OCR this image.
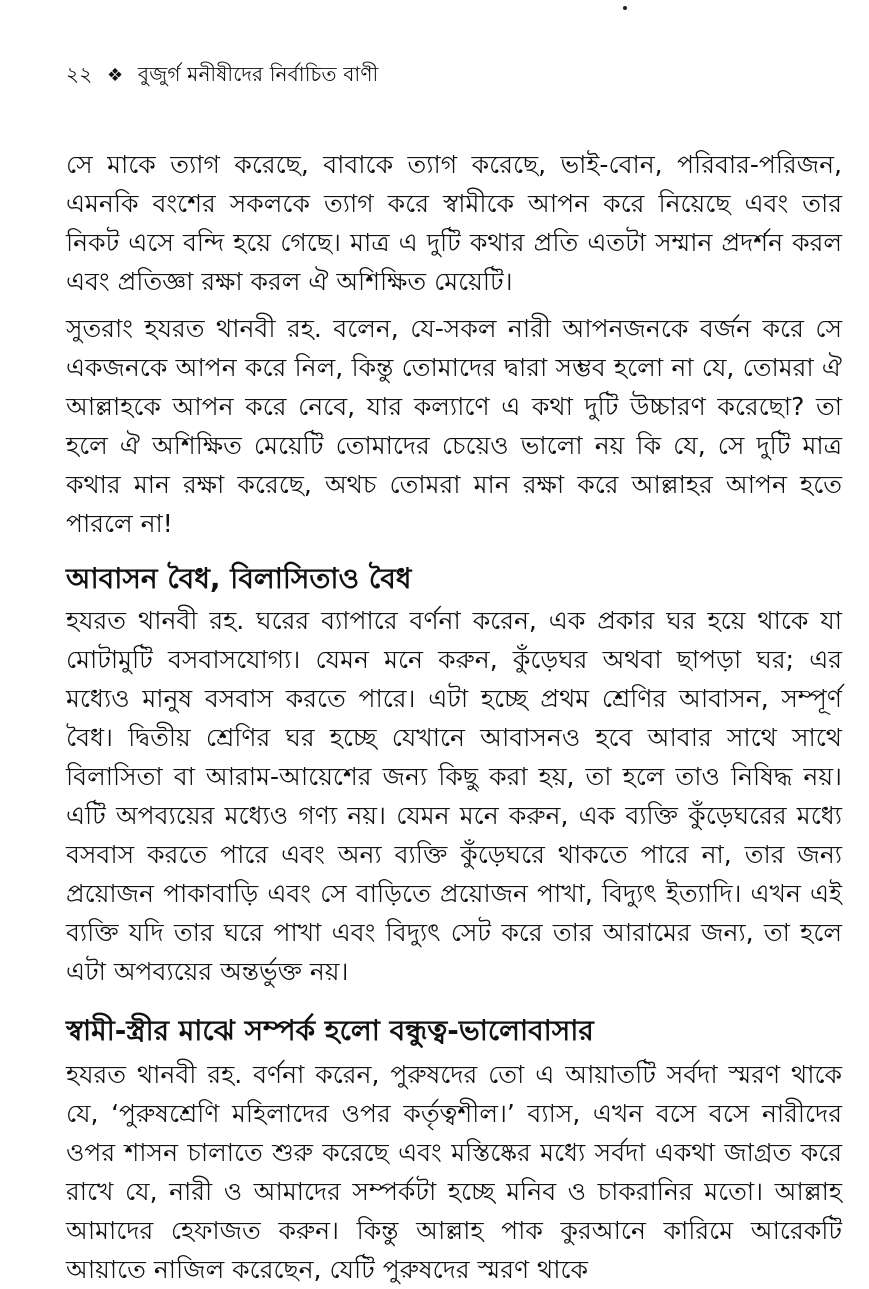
২২ ❖ বুজুর্গ মনীষীদের নির্বাচিত বাণী

সে মাকে ত্যাগ করেছে, বাবাকে ত্যাগ করেছে, ভাই-বোন, পরিবার-পরিজন, এমনকি বংশের সকলকে ত্যাগ করে স্বামীকে আপন করে নিয়েছে এবং তার নিকট এসে বন্দি হয়ে গেছে। মাত্র এ দুটি কথার প্রতি এতটা সম্মান প্রদর্শন করল এবং প্রতিজ্ঞা রক্ষা করল ঐ অশিক্ষিত মেয়েটি।

সুতরাং হযরত থানবী রহ. বলেন, যে-সকল নারী আপনজনকে বর্জন করে সে একজনকে আপন করে নিল, কিন্তু তোমাদের দ্বারা সম্ভব হলো না যে, তোমরা ঐ আল্লাহকে আপন করে নেবে, যার কল্যাণে এ কথা দুটি উচ্চারণ করেছো? তা হলে ঐ অশিক্ষিত মেয়েটি তোমাদের চেয়েও ভালো নয় কি যে, সে দুটি মাত্র কথার মান রক্ষা করেছে, অথচ তোমরা মান রক্ষা করে আল্লাহর আপন হতে পারলে না!

আবাসন বৈধ, বিলাসিতাও বৈধ

হযরত থানবী রহ. ঘরের ব্যাপারে বর্ণনা করেন, এক প্রকার ঘর হয়ে থাকে যা মোটামুটি বসবাসযোগ্য। যেমন মনে করুন, কুঁড়েঘর অথবা ছাপড়া ঘর; এর মধ্যেও মানুষ বসবাস করতে পারে। এটা হচ্ছে প্রথম শ্রেণির আবাসন, সম্পূর্ণ বৈধ। দ্বিতীয় শ্রেণির ঘর হচ্ছে যেখানে আবাসনও হবে আবার সাথে সাথে বিলাসিতা বা আরাম-আয়েশের জন্য কিছু করা হয়, তা হলে তাও নিষিদ্ধ নয়। এটি অপব্যয়ের মধ্যেও গণ্য নয়। যেমন মনে করুন, এক ব্যক্তি কুঁড়েঘরের মধ্যে বসবাস করতে পারে এবং অন্য ব্যক্তি কুঁড়েঘরে থাকতে পারে না, তার জন্য প্রয়োজন পাকাবাড়ি এবং সে বাড়িতে প্রয়োজন পাখা, বিদ্যুৎ ইত্যাদি। এখন এই ব্যক্তি যদি তার ঘরে পাখা এবং বিদ্যুৎ সেট করে তার আরামের জন্য, তা হলে এটা অপব্যয়ের অন্তর্ভুক্ত নয়।

স্বামী-স্ত্রীর মাঝে সম্পর্ক হলো বন্ধুত্ব-ভালোবাসার

হযরত থানবী রহ. বর্ণনা করেন, পুরুষদের তো এ আয়াতটি সর্বদা স্মরণ থাকে যে, ‘পুরুষশ্রেণি মহিলাদের ওপর কর্তৃত্বশীল।’ ব্যাস, এখন বসে বসে নারীদের ওপর শাসন চালাতে শুরু করেছে এবং মস্তিষ্কের মধ্যে সর্বদা একথা জাগ্রত করে রাখে যে, নারী ও আমাদের সম্পর্কটা হচ্ছে মনিব ও চাকরানির মতো। আল্লাহ আমাদের হেফাজত করুন। কিন্তু আল্লাহ পাক কুরআনে কারিমে আরেকটি আয়াতে নাজিল করেছেন, যেটি পুরুষদের স্মরণ থাকে
